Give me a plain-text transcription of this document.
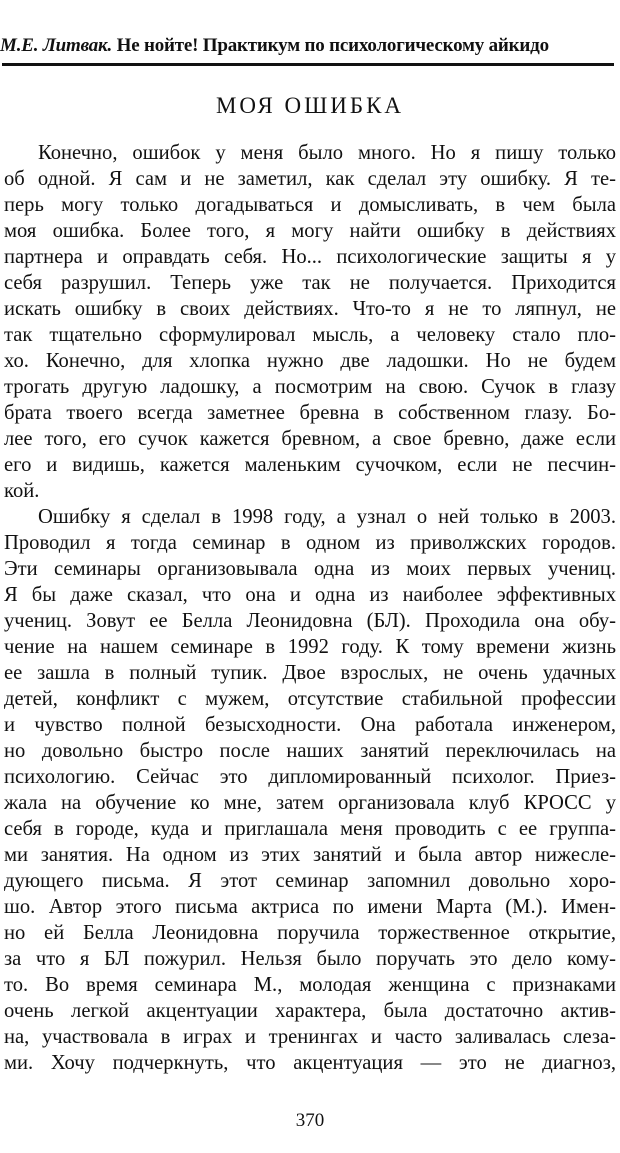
М.Е. Литвак. Не нойте! Практикум по психологическому айкидо
МОЯ ОШИБКА
Конечно, ошибок у меня было много. Но я пишу только
об одной. Я сам и не заметил, как сделал эту ошибку. Я те-
перь могу только догадываться и домысливать, в чем была
моя ошибка. Более того, я могу найти ошибку в действиях
партнера и оправдать себя. Но... психологические защиты я у
себя разрушил. Теперь уже так не получается. Приходится
искать ошибку в своих действиях. Что-то я не то ляпнул, не
так тщательно сформулировал мысль, а человеку стало пло-
хо. Конечно, для хлопка нужно две ладошки. Но не будем
трогать другую ладошку, а посмотрим на свою. Сучок в глазу
брата твоего всегда заметнее бревна в собственном глазу. Бо-
лее того, его сучок кажется бревном, а свое бревно, даже если
его и видишь, кажется маленьким сучочком, если не песчин-
кой.
Ошибку я сделал в 1998 году, а узнал о ней только в 2003.
Проводил я тогда семинар в одном из приволжских городов.
Эти семинары организовывала одна из моих первых учениц.
Я бы даже сказал, что она и одна из наиболее эффективных
учениц. Зовут ее Белла Леонидовна (БЛ). Проходила она обу-
чение на нашем семинаре в 1992 году. К тому времени жизнь
ее зашла в полный тупик. Двое взрослых, не очень удачных
детей, конфликт с мужем, отсутствие стабильной профессии
и чувство полной безысходности. Она работала инженером,
но довольно быстро после наших занятий переключилась на
психологию. Сейчас это дипломированный психолог. Приез-
жала на обучение ко мне, затем организовала клуб КРОСС у
себя в городе, куда и приглашала меня проводить с ее группа-
ми занятия. На одном из этих занятий и была автор нижесле-
дующего письма. Я этот семинар запомнил довольно хоро-
шо. Автор этого письма актриса по имени Марта (М.). Имен-
но ей Белла Леонидовна поручила торжественное открытие,
за что я БЛ пожурил. Нельзя было поручать это дело кому-
то. Во время семинара М., молодая женщина с признаками
очень легкой акцентуации характера, была достаточно актив-
на, участвовала в играх и тренингах и часто заливалась слеза-
ми. Хочу подчеркнуть, что акцентуация — это не диагноз,
370
